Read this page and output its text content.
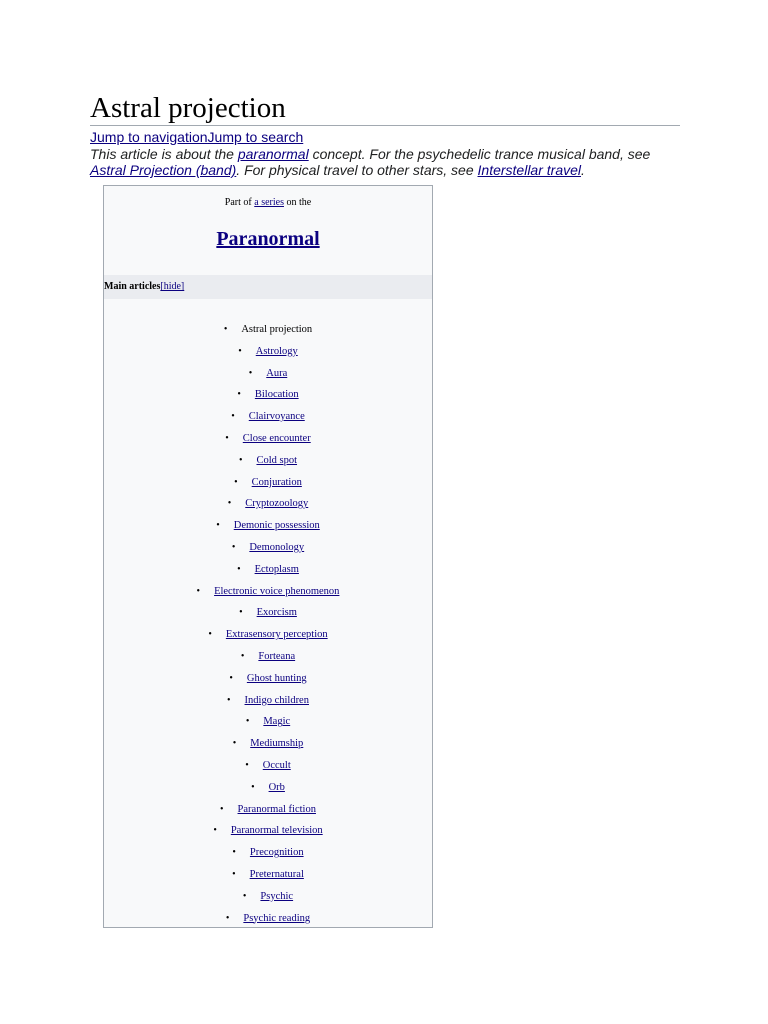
Astral projection
Jump to navigationJump to search
This article is about the paranormal concept. For the psychedelic trance musical band, see Astral Projection (band). For physical travel to other stars, see Interstellar travel.
Part of a series on the
Paranormal
Main articles[hide]
• Astral projection
• Astrology
• Aura
• Bilocation
• Clairvoyance
• Close encounter
• Cold spot
• Conjuration
• Cryptozoology
• Demonic possession
• Demonology
• Ectoplasm
• Electronic voice phenomenon
• Exorcism
• Extrasensory perception
• Forteana
• Ghost hunting
• Indigo children
• Magic
• Mediumship
• Occult
• Orb
• Paranormal fiction
• Paranormal television
• Precognition
• Preternatural
• Psychic
• Psychic reading
